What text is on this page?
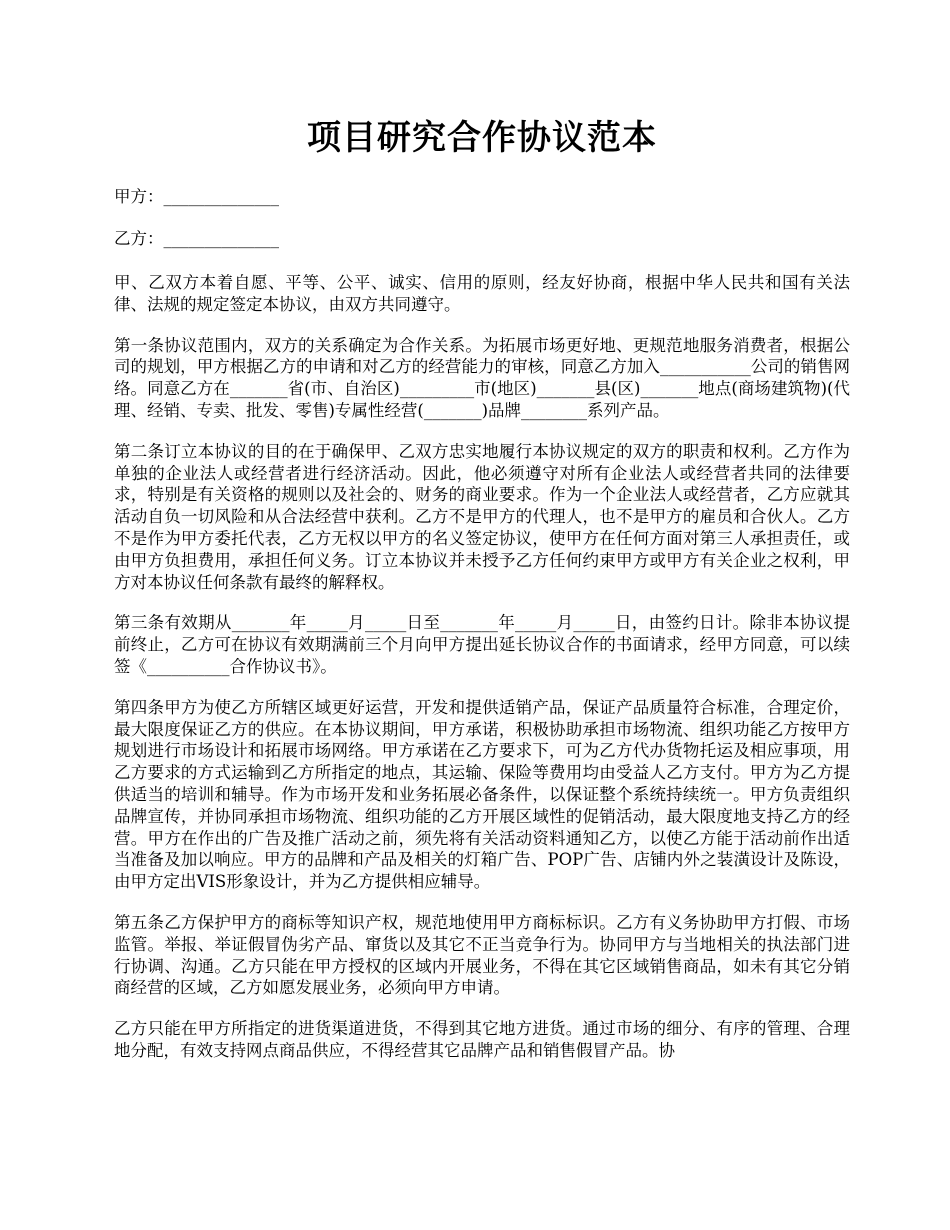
项目研究合作协议范本

甲方：______________

乙方：______________

甲、乙双方本着自愿、平等、公平、诚实、信用的原则，经友好协商，根据中华人民共和国有关法律、法规的规定签定本协议，由双方共同遵守。

第一条协议范围内，双方的关系确定为合作关系。为拓展市场更好地、更规范地服务消费者，根据公司的规划，甲方根据乙方的申请和对乙方的经营能力的审核，同意乙方加入___________公司的销售网络。同意乙方在_______省(市、自治区)_________市(地区)_______县(区)_______地点(商场建筑物)(代理、经销、专卖、批发、零售)专属性经营(_______)品牌________系列产品。

第二条订立本协议的目的在于确保甲、乙双方忠实地履行本协议规定的双方的职责和权利。乙方作为单独的企业法人或经营者进行经济活动。因此，他必须遵守对所有企业法人或经营者共同的法律要求，特别是有关资格的规则以及社会的、财务的商业要求。作为一个企业法人或经营者，乙方应就其活动自负一切风险和从合法经营中获利。乙方不是甲方的代理人，也不是甲方的雇员和合伙人。乙方不是作为甲方委托代表，乙方无权以甲方的名义签定协议，使甲方在任何方面对第三人承担责任，或由甲方负担费用，承担任何义务。订立本协议并未授予乙方任何约束甲方或甲方有关企业之权利，甲方对本协议任何条款有最终的解释权。

第三条有效期从_______年_____月_____日至_______年_____月_____日，由签约日计。除非本协议提前终止，乙方可在协议有效期满前三个月向甲方提出延长协议合作的书面请求，经甲方同意，可以续签《__________合作协议书》。

第四条甲方为使乙方所辖区域更好运营，开发和提供适销产品，保证产品质量符合标准，合理定价，最大限度保证乙方的供应。在本协议期间，甲方承诺，积极协助承担市场物流、组织功能乙方按甲方规划进行市场设计和拓展市场网络。甲方承诺在乙方要求下，可为乙方代办货物托运及相应事项，用乙方要求的方式运输到乙方所指定的地点，其运输、保险等费用均由受益人乙方支付。甲方为乙方提供适当的培训和辅导。作为市场开发和业务拓展必备条件，以保证整个系统持续统一。甲方负责组织品牌宣传，并协同承担市场物流、组织功能的乙方开展区域性的促销活动，最大限度地支持乙方的经营。甲方在作出的广告及推广活动之前，须先将有关活动资料通知乙方，以使乙方能于活动前作出适当准备及加以响应。甲方的品牌和产品及相关的灯箱广告、POP广告、店铺内外之装潢设计及陈设，由甲方定出VIS形象设计，并为乙方提供相应辅导。

第五条乙方保护甲方的商标等知识产权，规范地使用甲方商标标识。乙方有义务协助甲方打假、市场监管。举报、举证假冒伪劣产品、窜货以及其它不正当竞争行为。协同甲方与当地相关的执法部门进行协调、沟通。乙方只能在甲方授权的区域内开展业务，不得在其它区域销售商品，如未有其它分销商经营的区域，乙方如愿发展业务，必须向甲方申请。

乙方只能在甲方所指定的进货渠道进货，不得到其它地方进货。通过市场的细分、有序的管理、合理地分配，有效支持网点商品供应，不得经营其它品牌产品和销售假冒产品。协
